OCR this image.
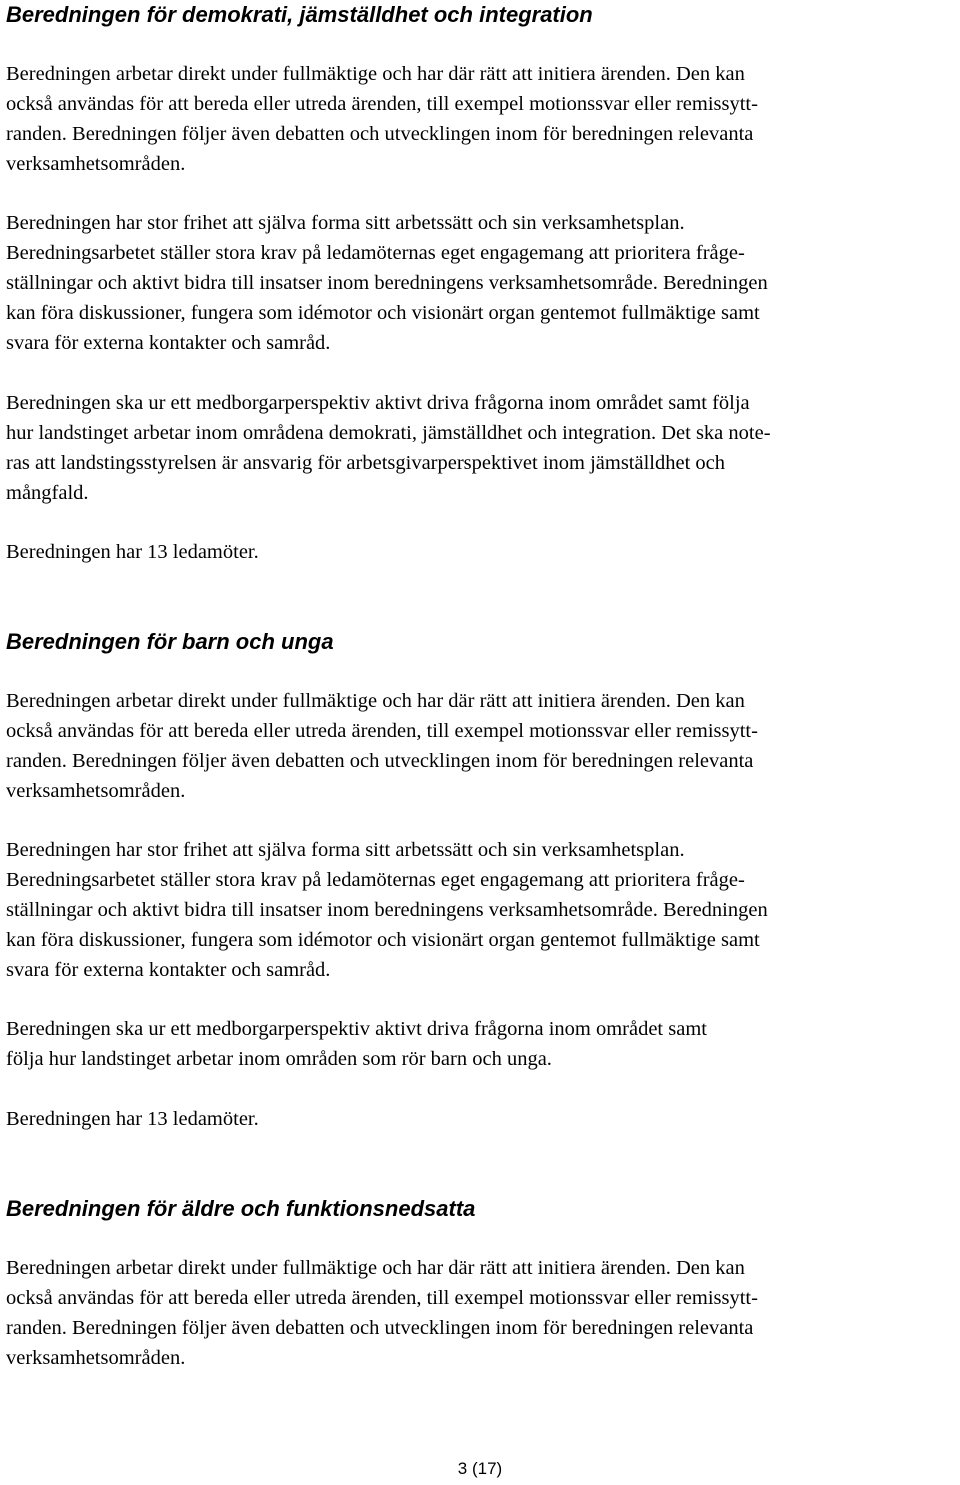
Beredningen för demokrati, jämställdhet och integration

Beredningen arbetar direkt under fullmäktige och har där rätt att initiera ärenden. Den kan

också användas för att bereda eller utreda ärenden, till exempel motionssvar eller remissytt-

randen. Beredningen följer även debatten och utvecklingen inom för beredningen relevanta

verksamhetsområden.

Beredningen har stor frihet att själva forma sitt arbetssätt och sin verksamhetsplan.

Beredningsarbetet ställer stora krav på ledamöternas eget engagemang att prioritera fråge-

ställningar och aktivt bidra till insatser inom beredningens verksamhetsområde. Beredningen

kan föra diskussioner, fungera som idémotor och visionärt organ gentemot fullmäktige samt

svara för externa kontakter och samråd.

Beredningen ska ur ett medborgarperspektiv aktivt driva frågorna inom området samt följa

hur landstinget arbetar inom områdena demokrati, jämställdhet och integration. Det ska note-

ras att landstingsstyrelsen är ansvarig för arbetsgivarperspektivet inom jämställdhet och

mångfald.

Beredningen har 13 ledamöter.

Beredningen för barn och unga

Beredningen arbetar direkt under fullmäktige och har där rätt att initiera ärenden. Den kan

också användas för att bereda eller utreda ärenden, till exempel motionssvar eller remissytt-

randen. Beredningen följer även debatten och utvecklingen inom för beredningen relevanta

verksamhetsområden.

Beredningen har stor frihet att själva forma sitt arbetssätt och sin verksamhetsplan.

Beredningsarbetet ställer stora krav på ledamöternas eget engagemang att prioritera fråge-

ställningar och aktivt bidra till insatser inom beredningens verksamhetsområde. Beredningen

kan föra diskussioner, fungera som idémotor och visionärt organ gentemot fullmäktige samt

svara för externa kontakter och samråd.

Beredningen ska ur ett medborgarperspektiv aktivt driva frågorna inom området samt

följa hur landstinget arbetar inom områden som rör barn och unga.

Beredningen har 13 ledamöter.

Beredningen för äldre och funktionsnedsatta

Beredningen arbetar direkt under fullmäktige och har där rätt att initiera ärenden. Den kan

också användas för att bereda eller utreda ärenden, till exempel motionssvar eller remissytt-

randen. Beredningen följer även debatten och utvecklingen inom för beredningen relevanta

verksamhetsområden.

3 (17)
